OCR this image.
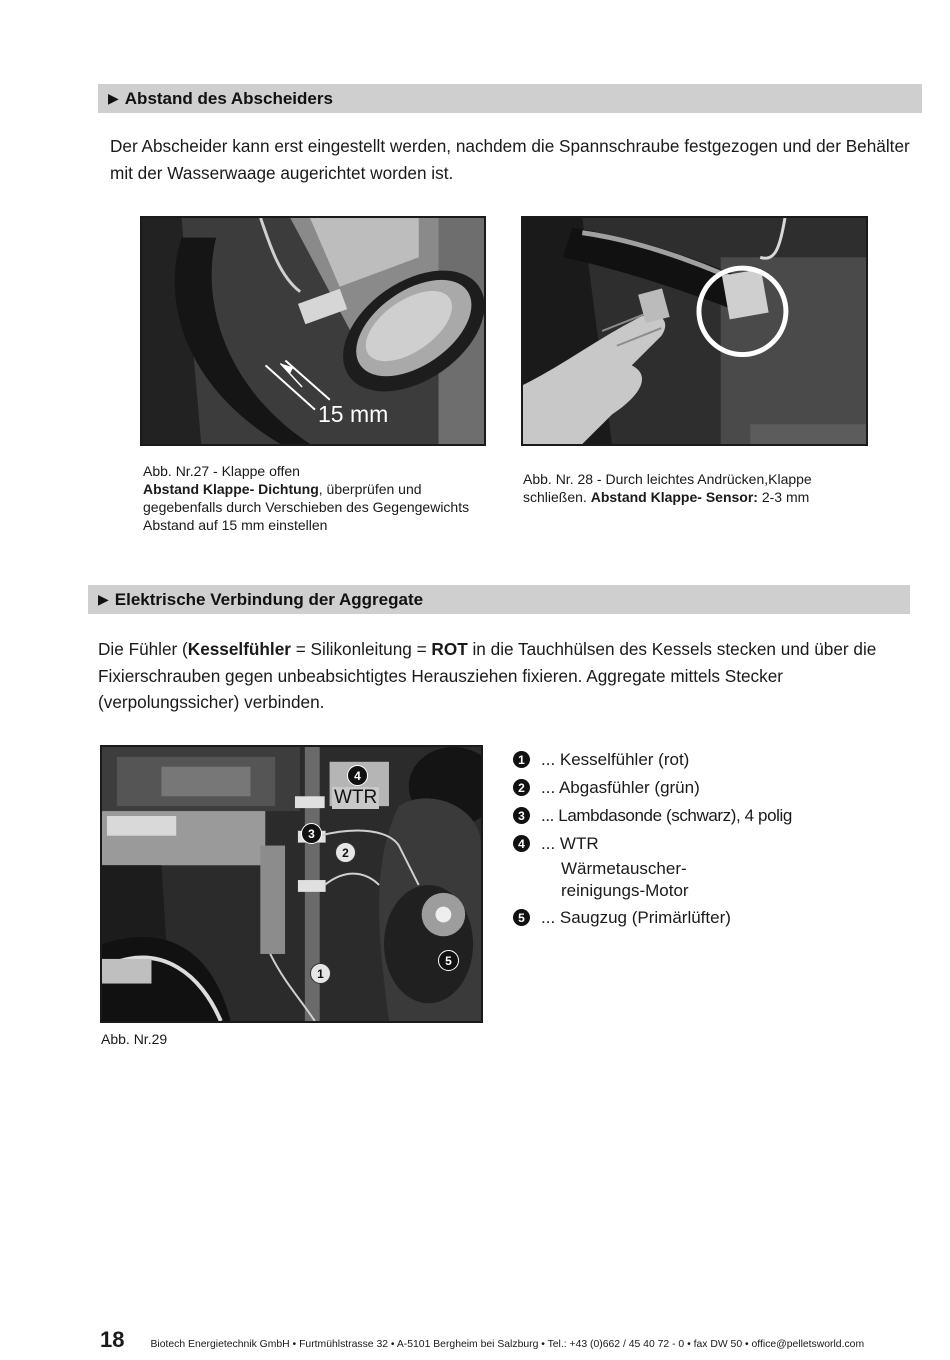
▶ Abstand des Abscheiders
Der Abscheider kann erst eingestellt werden, nachdem die Spannschraube festgezogen und der Behälter mit der Wasserwaage augerichtet worden ist.
15 mm
Abb. Nr.27 - Klappe offen
Abstand Klappe- Dichtung, überprüfen und gegebenfalls durch Verschieben des Gegengewichts Abstand auf 15 mm einstellen
Abb. Nr. 28 - Durch leichtes Andrücken,Klappe schließen. Abstand Klappe- Sensor: 2-3 mm
▶ Elektrische Verbindung der Aggregate
Die Fühler (Kesselfühler = Silikonleitung = ROT in die Tauchhülsen des Kessels stecken und über die Fixierschrauben gegen unbeabsichtigtes Herausziehen fixieren. Aggregate mittels Stecker (verpolungssicher) verbinden.
WTR
4
3
2
1
5
Abb. Nr.29
1 ... Kesselfühler (rot)
2 ... Abgasfühler (grün)
3 ... Lambdasonde (schwarz), 4 polig
4 ... WTR
Wärmetauscher-
reinigungs-Motor
5 ... Saugzug (Primärlüfter)
18	Biotech Energietechnik GmbH • Furtmühlstrasse 32 • A-5101 Bergheim bei Salzburg • Tel.: +43 (0)662 / 45 40 72 - 0 • fax DW 50 • office@pelletsworld.com
